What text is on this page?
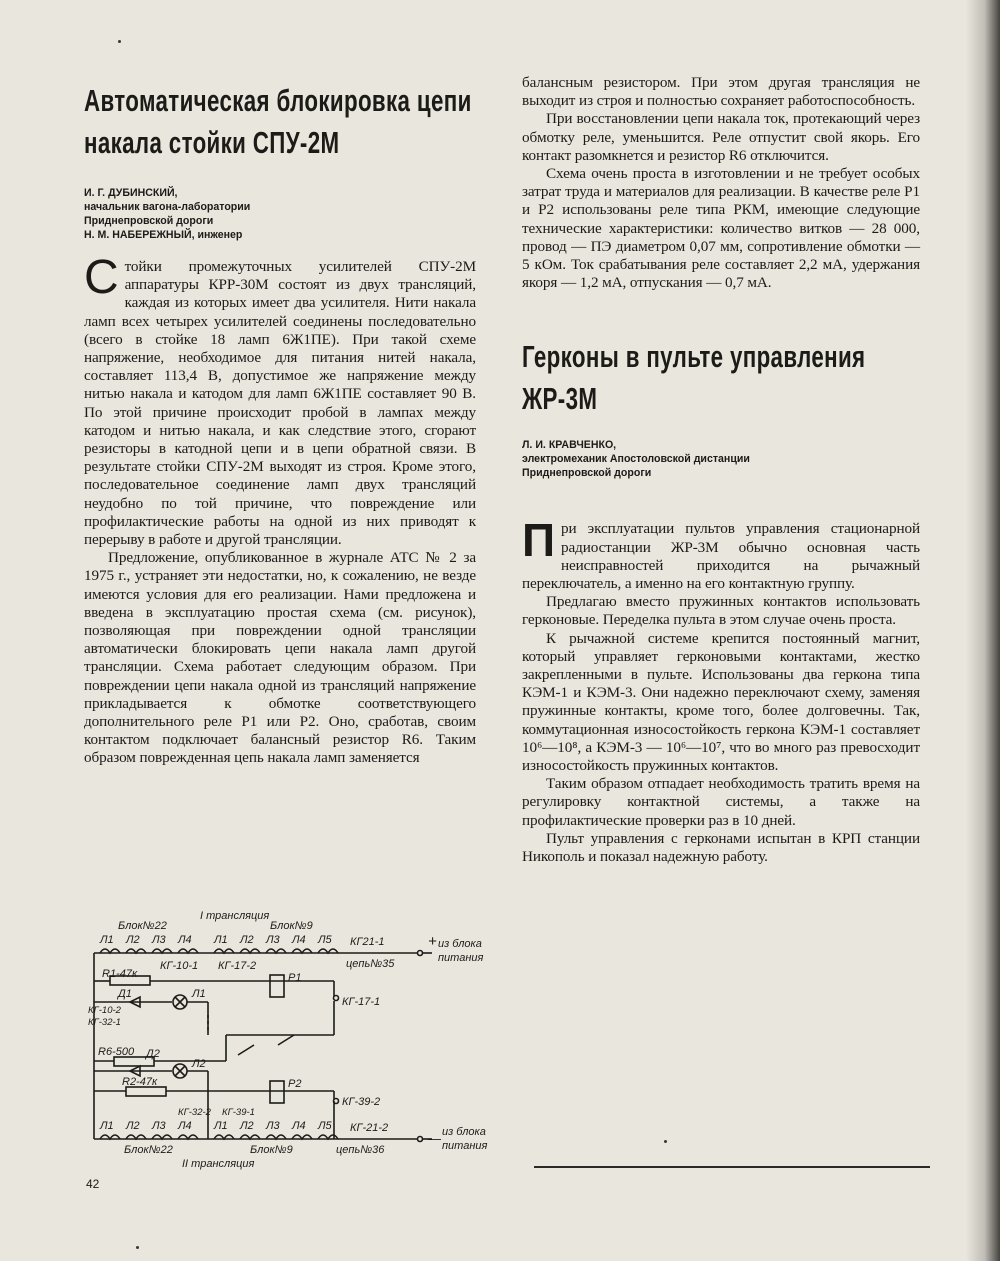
Автоматическая блокировка цепи
накала стойки СПУ-2М

И. Г. ДУБИНСКИЙ,

начальник вагона-лаборатории

Приднепровской дороги

Н. М. НАБЕРЕЖНЫЙ, инженер

Стойки промежуточных усилителей СПУ-2М аппаратуры КРР-30М состоят из двух трансляций, каждая из которых имеет два усилителя. Нити накала ламп всех четырех усилителей соединены последовательно (всего в стойке 18 ламп 6Ж1ПЕ). При такой схеме напряжение, необходимое для питания нитей накала, составляет 113,4 В, допустимое же напряжение между нитью накала и катодом для ламп 6Ж1ПЕ составляет 90 В. По этой причине происходит пробой в лампах между катодом и нитью накала, и как следствие этого, сгорают резисторы в катодной цепи и в цепи обратной связи. В результате стойки СПУ-2М выходят из строя. Кроме этого, последовательное соединение ламп двух трансляций неудобно по той причине, что повреждение или профилактические работы на одной из них приводят к перерыву в работе и другой трансляции.

Предложение, опубликованное в журнале АТС № 2 за 1975 г., устраняет эти недостатки, но, к сожалению, не везде имеются условия для его реализации. Нами предложена и введена в эксплуатацию простая схема (см. рисунок), позволяющая при повреждении одной трансляции автоматически блокировать цепи накала ламп другой трансляции. Схема работает следующим образом. При повреждении цепи накала одной из трансляций напряжение прикладывается к обмотке соответствующего дополнительного реле Р1 или Р2. Оно, сработав, своим контактом подключает балансный резистор R6. Таким образом поврежденная цепь накала ламп заменяется

Блок№22
I трансляция
Блок№9
Л1 Л2 Л3 Л4 Л1 Л2 Л3 Л4 Л5 КГ21-1	+ из блока
питания
цепь№35
КГ-10-1 КГ-17-2
R1-47к	Р1
КГ-17-1
Д1	Л1
КГ-10-2
КГ-32-1
R6-500 Д2
Л2
R2-47к	Р2
КГ-39-2
КГ-32-2 КГ-39-1
Л1 Л2 Л3 Л4 Л1 Л2 Л3 Л4 Л5 КГ-21-2
— из блока
питания
Блок№22	Блок№9	цепь№36
II трансляция

балансным резистором. При этом другая трансляция не выходит из строя и полностью сохраняет работоспособность.

При восстановлении цепи накала ток, протекающий через обмотку реле, уменьшится. Реле отпустит свой якорь. Его контакт разомкнется и резистор R6 отключится.

Схема очень проста в изготовлении и не требует особых затрат труда и материалов для реализации. В качестве реле Р1 и Р2 использованы реле типа РКМ, имеющие следующие технические характеристики: количество витков — 28 000, провод — ПЭ диаметром 0,07 мм, сопротивление обмотки — 5 кОм. Ток срабатывания реле составляет 2,2 мА, удержания якоря — 1,2 мА, отпускания — 0,7 мА.

Герконы в пульте управления ЖР-3М

Л. И. КРАВЧЕНКО,

электромеханик Апостоловской дистанции

Приднепровской дороги

При эксплуатации пультов управления стационарной радиостанции ЖР-3М обычно основная часть неисправностей приходится на рычажный переключатель, а именно на его контактную группу.

Предлагаю вместо пружинных контактов использовать герконовые. Переделка пульта в этом случае очень проста.

К рычажной системе крепится постоянный магнит, который управляет герконовыми контактами, жестко закрепленными в пульте. Использованы два геркона типа КЭМ-1 и КЭМ-3. Они надежно переключают схему, заменяя пружинные контакты, кроме того, более долговечны. Так, коммутационная износостойкость геркона КЭМ-1 составляет 10⁶—10⁸, а КЭМ-3 — 10⁶—10⁷, что во много раз превосходит износостойкость пружинных контактов.

Таким образом отпадает необходимость тратить время на регулировку контактной системы, а также на профилактические проверки раз в 10 дней.

Пульт управления с герконами испытан в КРП станции Никополь и показал надежную работу.

42
